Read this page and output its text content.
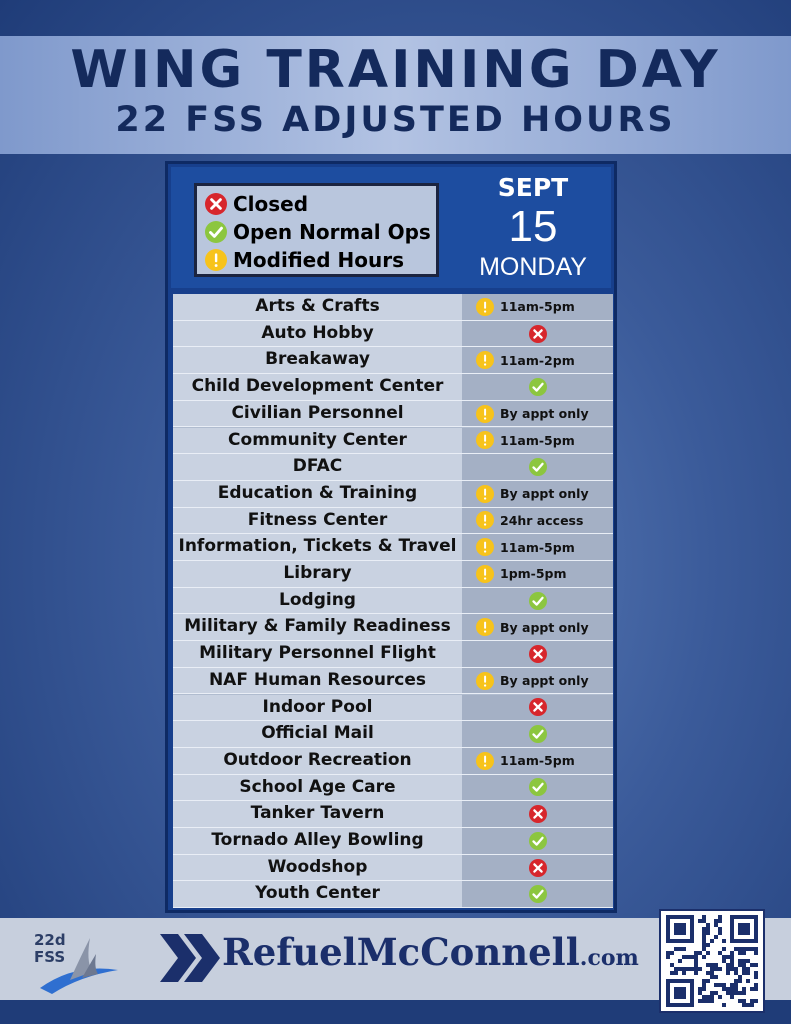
WING TRAINING DAY
22 FSS ADJUSTED HOURS
Closed
Open Normal Ops
Modified Hours
SEPT
15
MONDAY
Arts & Crafts	11am-5pm
Auto Hobby
Breakaway	11am-2pm
Child Development Center
Civilian Personnel	By appt only
Community Center	11am-5pm
DFAC
Education & Training	By appt only
Fitness Center	24hr access
Information, Tickets & Travel	11am-5pm
Library	1pm-5pm
Lodging
Military & Family Readiness	By appt only
Military Personnel Flight
NAF Human Resources	By appt only
Indoor Pool
Official Mail
Outdoor Recreation	11am-5pm
School Age Care
Tanker Tavern
Tornado Alley Bowling
Woodshop
Youth Center
22d
FSS	RefuelMcConnell .com
